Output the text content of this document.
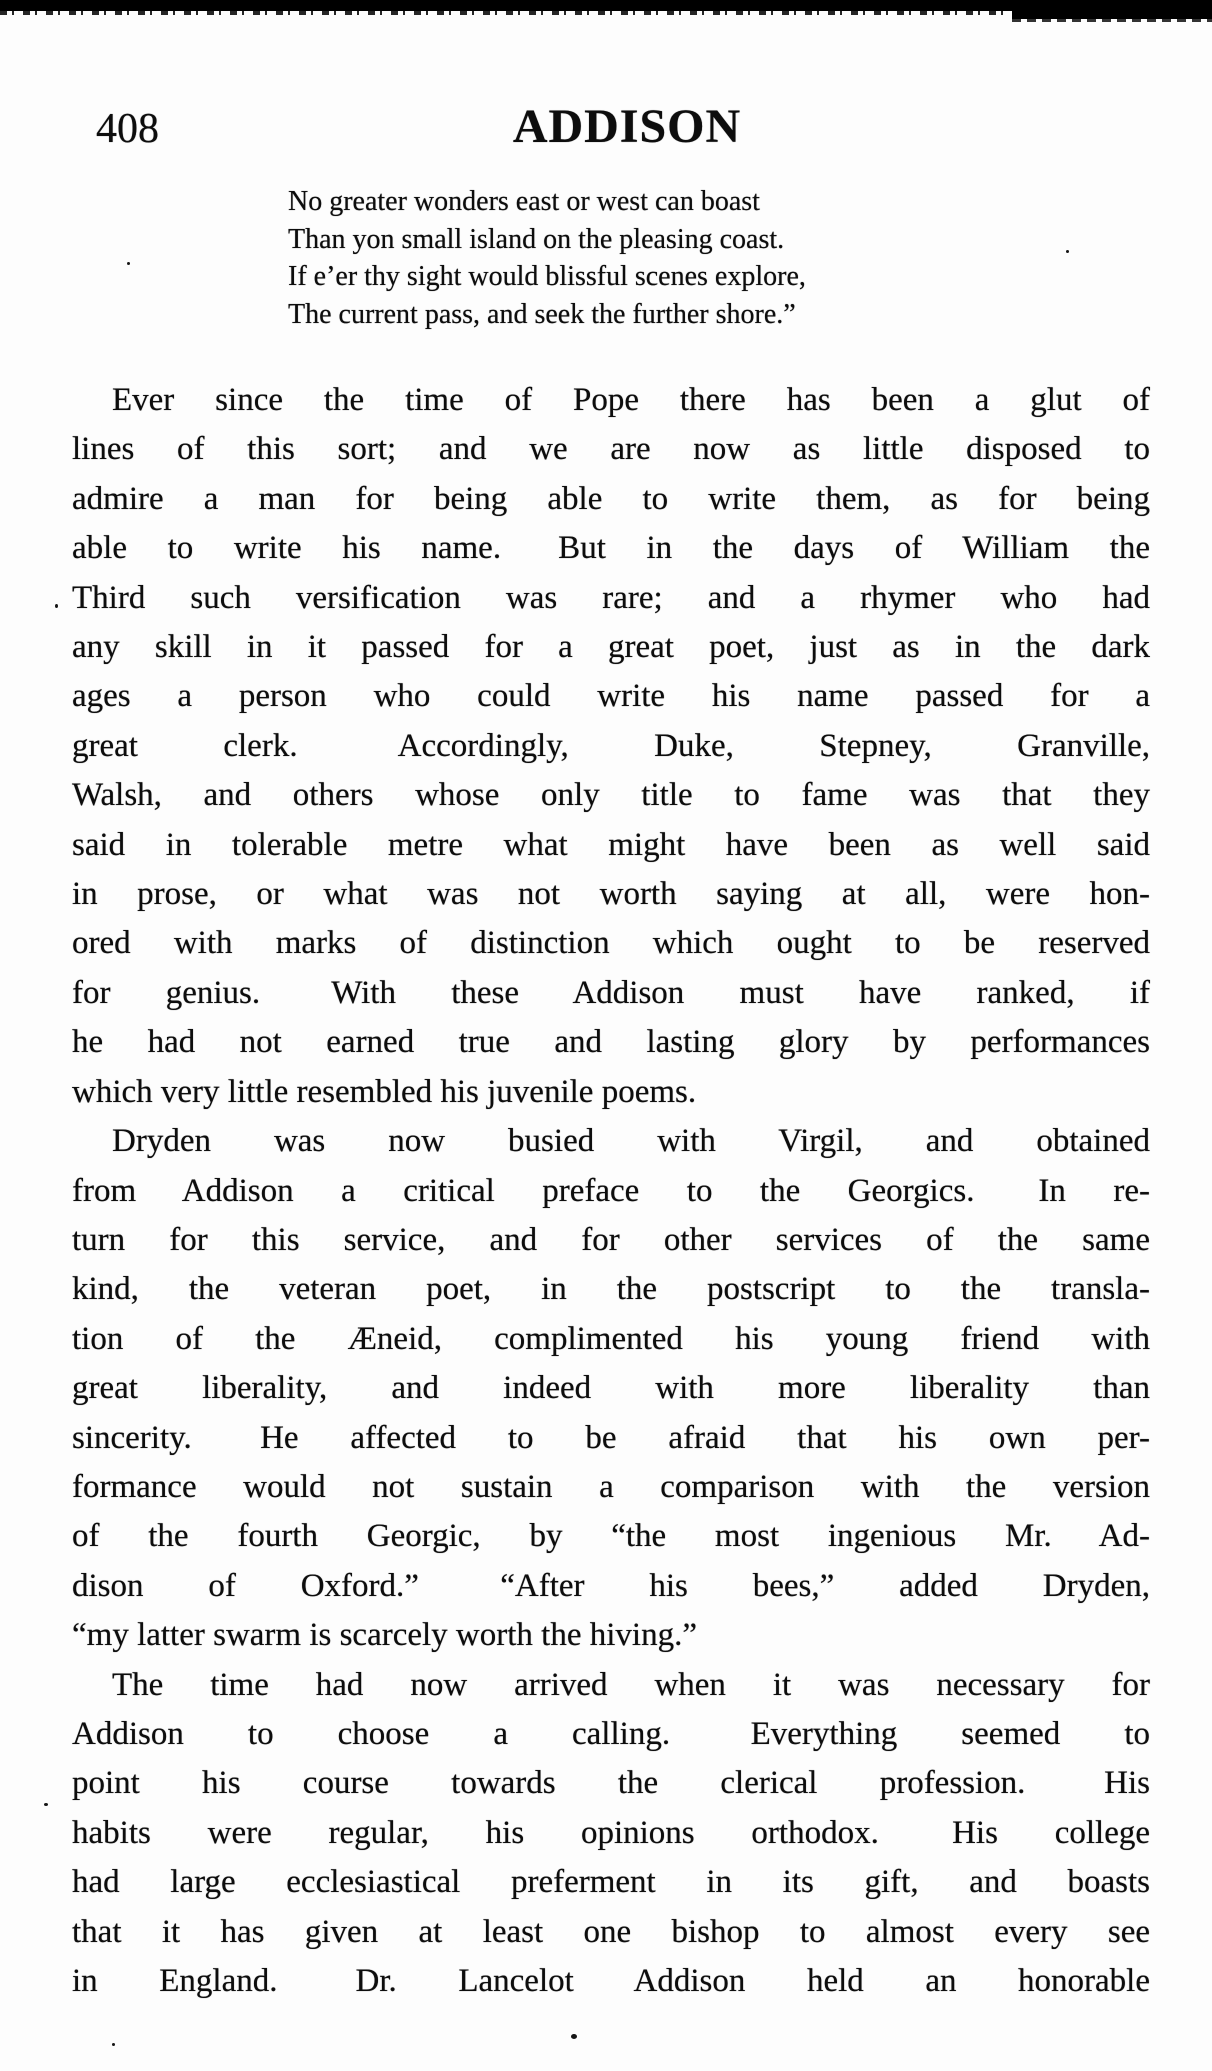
408	ADDISON
No greater wonders east or west can boast
Than yon small island on the pleasing coast.
If e’er thy sight would blissful scenes explore,
The current pass, and seek the further shore.”
Ever since the time of Pope there has been a glut of
lines of this sort; and we are now as little disposed to
admire a man for being able to write them, as for being
able to write his name.  But in the days of William the
Third such versification was rare; and a rhymer who had
any skill in it passed for a great poet, just as in the dark
ages a person who could write his name passed for a
great clerk.  Accordingly, Duke, Stepney, Granville,
Walsh, and others whose only title to fame was that they
said in tolerable metre what might have been as well said
in prose, or what was not worth saying at all, were hon-
ored with marks of distinction which ought to be reserved
for genius.  With these Addison must have ranked, if
he had not earned true and lasting glory by performances
which very little resembled his juvenile poems.
Dryden was now busied with Virgil, and obtained
from Addison a critical preface to the Georgics.  In re-
turn for this service, and for other services of the same
kind, the veteran poet, in the postscript to the transla-
tion of the Æneid, complimented his young friend with
great liberality, and indeed with more liberality than
sincerity.  He affected to be afraid that his own per-
formance would not sustain a comparison with the version
of the fourth Georgic, by “the most ingenious Mr. Ad-
dison of Oxford.”  “After his bees,” added Dryden,
“my latter swarm is scarcely worth the hiving.”
The time had now arrived when it was necessary for
Addison to choose a calling.  Everything seemed to
point his course towards the clerical profession.  His
habits were regular, his opinions orthodox.  His college
had large ecclesiastical preferment in its gift, and boasts
that it has given at least one bishop to almost every see
in England.  Dr. Lancelot Addison held an honorable
